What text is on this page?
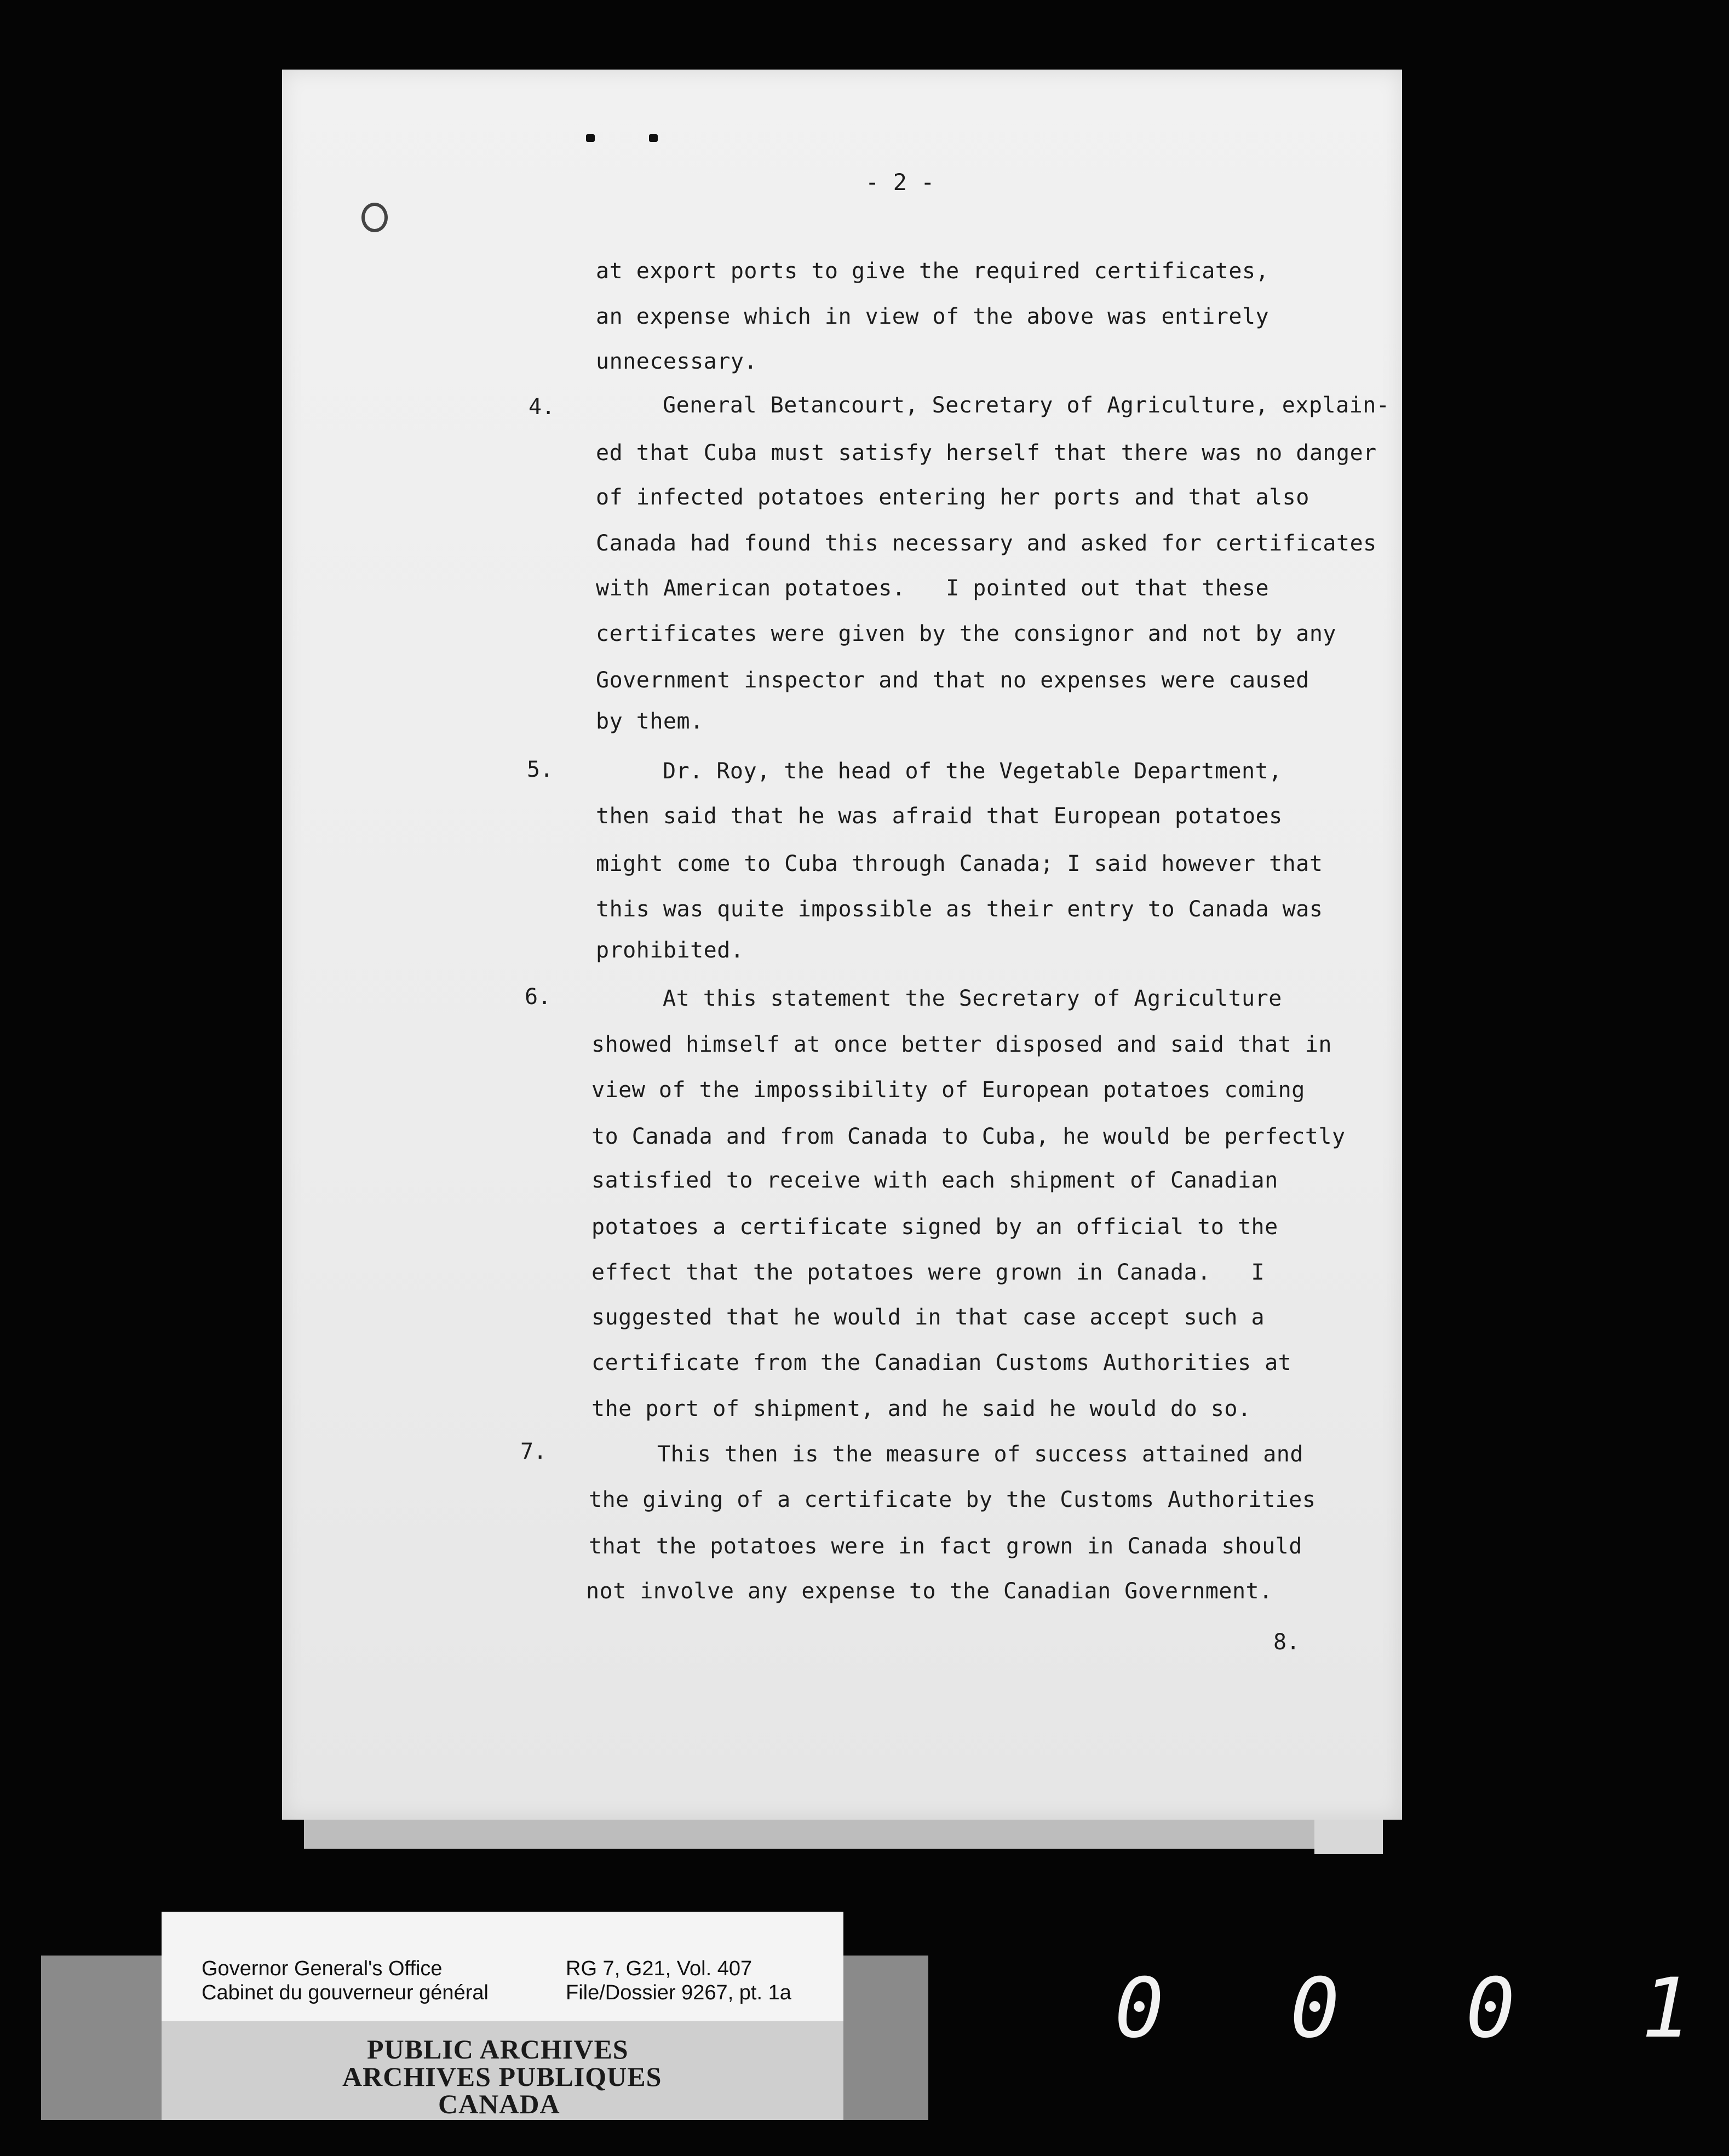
- 2 -
at export ports to give the required certificates,
an expense which in view of the above was entirely
unnecessary.
General Betancourt, Secretary of Agriculture, explain-
ed that Cuba must satisfy herself that there was no danger
of infected potatoes entering her ports and that also
Canada had found this necessary and asked for certificates
with American potatoes.   I pointed out that these
certificates were given by the consignor and not by any
Government inspector and that no expenses were caused
by them.
Dr. Roy, the head of the Vegetable Department,
then said that he was afraid that European potatoes
might come to Cuba through Canada; I said however that
this was quite impossible as their entry to Canada was
prohibited.
At this statement the Secretary of Agriculture
showed himself at once better disposed and said that in
view of the impossibility of European potatoes coming
to Canada and from Canada to Cuba, he would be perfectly
satisfied to receive with each shipment of Canadian
potatoes a certificate signed by an official to the
effect that the potatoes were grown in Canada.   I
suggested that he would in that case accept such a
certificate from the Canadian Customs Authorities at
the port of shipment, and he said he would do so.
This then is the measure of success attained and
the giving of a certificate by the Customs Authorities
that the potatoes were in fact grown in Canada should
not involve any expense to the Canadian Government.
4.
5.
6.
7.
8.
Governor General's Office
Cabinet du gouverneur général
RG 7, G21, Vol. 407
File/Dossier 9267, pt. 1a
PUBLIC ARCHIVES
ARCHIVES PUBLIQUES
CANADA
0 0 0 1
